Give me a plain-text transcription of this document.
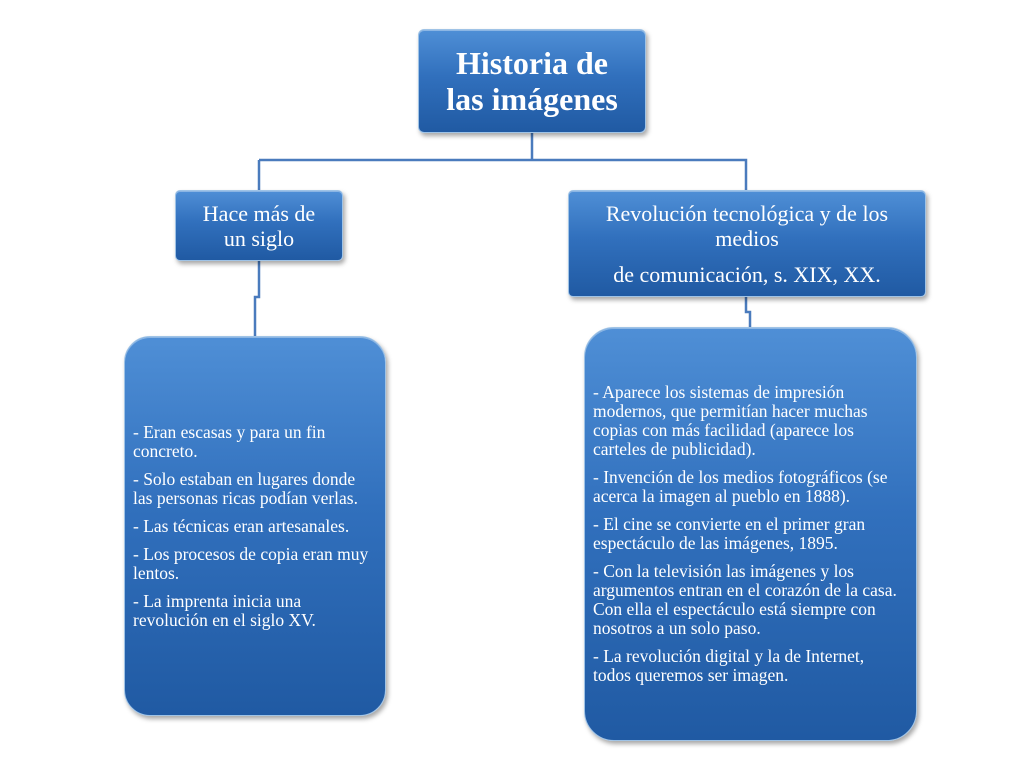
Historia de
las imágenes
Hace más de
un siglo
Revolución tecnológica y de los
medios
de comunicación, s. XIX, XX.
- Eran escasas y para un fin concreto.
- Solo estaban en lugares donde las personas ricas podían verlas.
- Las técnicas eran artesanales.
- Los procesos de copia eran muy lentos.
- La imprenta inicia una revolución en el siglo XV.
- Aparece los sistemas de impresión modernos, que permitían hacer muchas copias con más facilidad (aparece los carteles de publicidad).
- Invención de los medios fotográficos (se acerca la imagen al pueblo en 1888).
- El cine se convierte en el primer gran espectáculo de las imágenes, 1895.
- Con la televisión las imágenes y los argumentos entran en el corazón de la casa. Con ella el espectáculo está siempre con nosotros a un solo paso.
- La revolución digital y la de Internet, todos queremos ser imagen.
